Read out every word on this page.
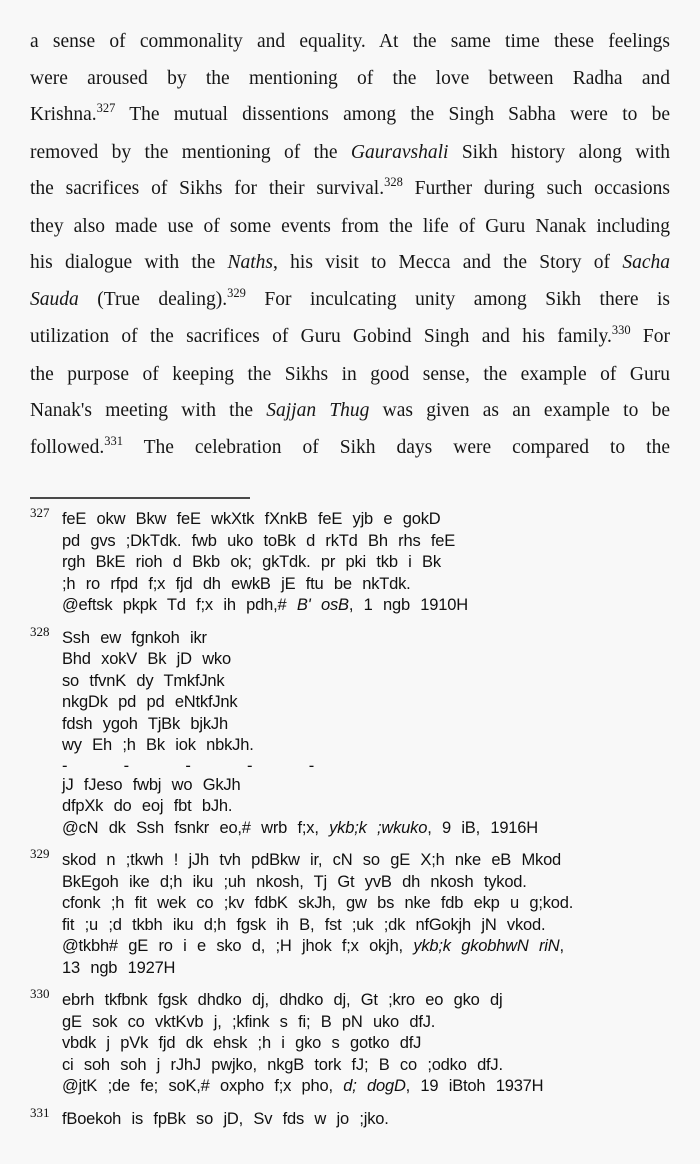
a sense of commonality and equality. At the same time these feelings
were aroused by the mentioning of the love between Radha and
Krishna.$^{327}$ The mutual dissentions among the Singh Sabha were to be
removed by the mentioning of the Gauravshali Sikh history along with
the sacrifices of Sikhs for their survival.$^{328}$ Further during such occasions
they also made use of some events from the life of Guru Nanak including
his dialogue with the Naths, his visit to Mecca and the Story of Sacha
Sauda (True dealing).$^{329}$ For inculcating unity among Sikh there is
utilization of the sacrifices of Guru Gobind Singh and his family.$^{330}$ For
the purpose of keeping the Sikhs in good sense, the example of Guru
Nanak's meeting with the Sajjan Thug was given as an example to be
followed.$^{331}$ The celebration of Sikh days were compared to the
327 feE okw Bkw feE wkXtk fXnkB feE yjb e gokD
pd gvs ;DkTdk. fwb uko toBk d rkTd Bh rhs feE
rgh BkE rioh d Bkb ok; gkTdk. pr pki tkb i Bk
;h ro rfpd f;x fjd dh ewkB jE ftu be nkTdk.
@eftsk pkpk Td f;x ih pdh,# B' osB, 1 ngb 1910H
328 Ssh ew fgnkoh ikr
Bhd xokV Bk jD wko
so tfvnK dy TmkfJnk
nkgDk pd pd eNtkfJnk
fdsh ygoh TjBk bjkJh
wy Eh ;h Bk iok nbkJh.
- - - - -
jJ fJeso fwbj wo GkJh
dfpXk do eoj fbt bJh.
@cN dk Ssh fsnkr eo,# wrb f;x, ykb;k ;wkuko, 9 iB, 1916H
329 skod n ;tkwh ! jJh tvh pdBkw ir, cN so gE X;h nke eB Mkod
BkEgoh ike d;h iku ;uh nkosh, Tj Gt yvB dh nkosh tykod.
cfonk ;h fit wek co ;kv fdbK skJh, gw bs nke fdb ekp u g;kod.
fit ;u ;d tkbh iku d;h fgsk ih B, fst ;uk ;dk nfGokjh jN vkod.
@tkbh# gE ro i e sko d, ;H jhok f;x okjh, ykb;k gkobhwN riN,
13 ngb 1927H
330 ebrh tkfbnk fgsk dhdko dj, dhdko dj, Gt ;kro eo gko dj
gE sok co vktKvb j, ;kfink s fi; B pN uko dfJ.
vbdk j pVk fjd dk ehsk ;h i gko s gotko dfJ
ci soh soh j rJhJ pwjko, nkgB tork fJ; B co ;odko dfJ.
@jtK ;de fe; soK,# oxpho f;x pho, d; dogD, 19 iBtoh 1937H
331 fBoekoh is fpBk so jD, Sv fds w jo ;jko.
